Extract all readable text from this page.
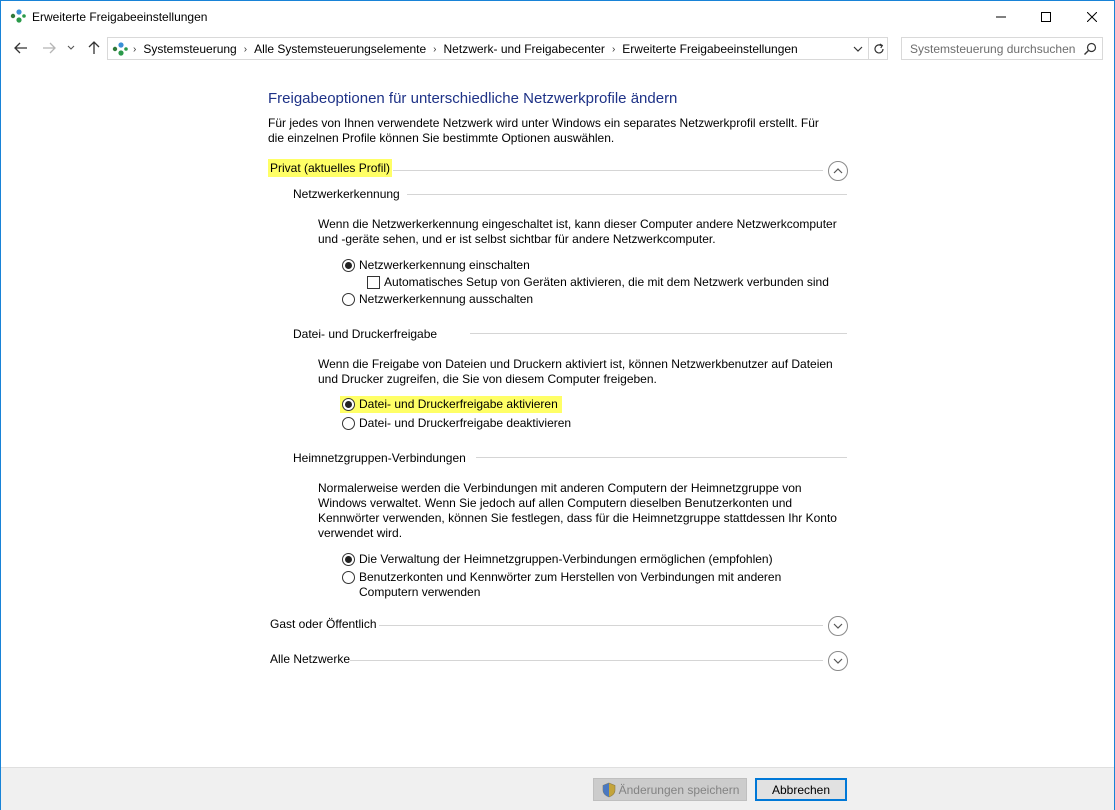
Erweiterte Freigabeeinstellungen
› Systemsteuerung › Alle Systemsteuerungselemente › Netzwerk- und Freigabecenter › Erweiterte Freigabeeinstellungen
Systemsteuerung durchsuchen
Freigabeoptionen für unterschiedliche Netzwerkprofile ändern
Für jedes von Ihnen verwendete Netzwerk wird unter Windows ein separates Netzwerkprofil erstellt. Für die einzelnen Profile können Sie bestimmte Optionen auswählen.
Privat (aktuelles Profil)
Netzwerkerkennung
Wenn die Netzwerkerkennung eingeschaltet ist, kann dieser Computer andere Netzwerkcomputer und -geräte sehen, und er ist selbst sichtbar für andere Netzwerkcomputer.
Netzwerkerkennung einschalten
Automatisches Setup von Geräten aktivieren, die mit dem Netzwerk verbunden sind
Netzwerkerkennung ausschalten
Datei- und Druckerfreigabe
Wenn die Freigabe von Dateien und Druckern aktiviert ist, können Netzwerkbenutzer auf Dateien und Drucker zugreifen, die Sie von diesem Computer freigeben.
Datei- und Druckerfreigabe aktivieren
Datei- und Druckerfreigabe deaktivieren
Heimnetzgruppen-Verbindungen
Normalerweise werden die Verbindungen mit anderen Computern der Heimnetzgruppe von Windows verwaltet. Wenn Sie jedoch auf allen Computern dieselben Benutzerkonten und Kennwörter verwenden, können Sie festlegen, dass für die Heimnetzgruppe stattdessen Ihr Konto verwendet wird.
Die Verwaltung der Heimnetzgruppen-Verbindungen ermöglichen (empfohlen)
Benutzerkonten und Kennwörter zum Herstellen von Verbindungen mit anderen Computern verwenden
Gast oder Öffentlich
Alle Netzwerke
Änderungen speichern	Abbrechen
